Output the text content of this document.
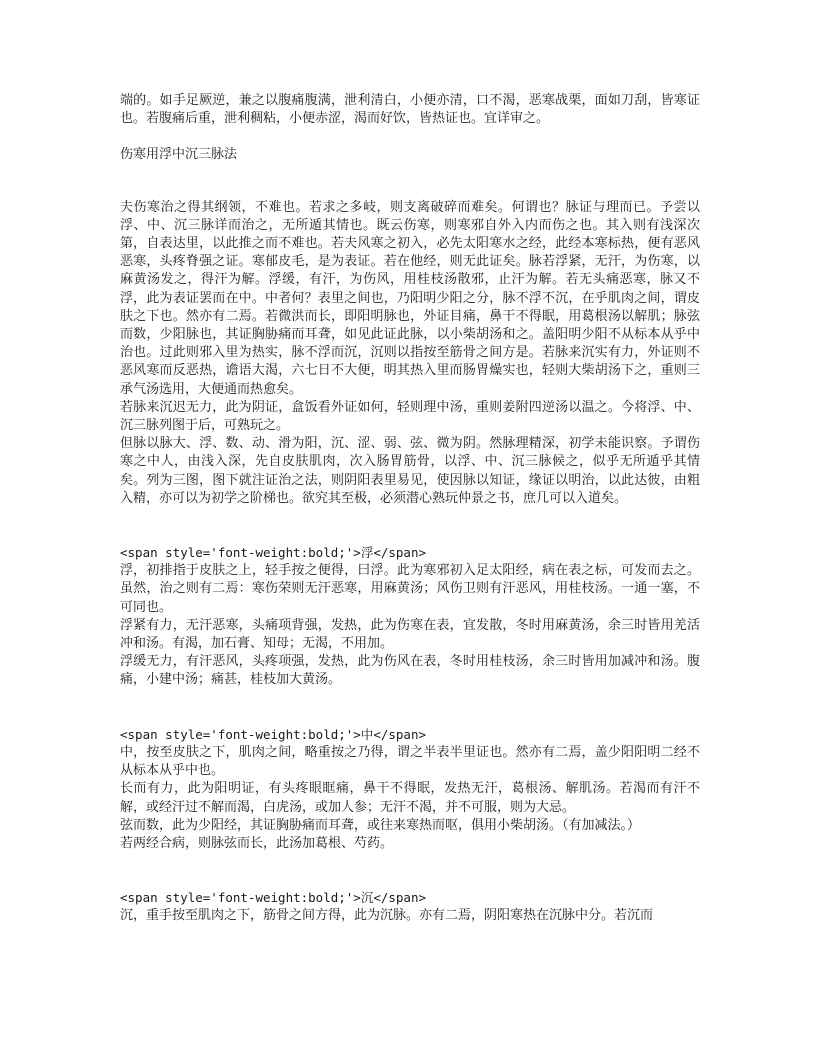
端的。如手足厥逆，兼之以腹痛腹满，泄利清白，小便亦清，口不渴，恶寒战栗，面如刀刮，皆寒证也。若腹痛后重，泄利稠粘，小便赤涩，渴而好饮，皆热证也。宜详审之。

伤寒用浮中沉三脉法

夫伤寒治之得其纲领，不难也。若求之多岐，则支离破碎而难矣。何谓也？脉证与理而已。予尝以浮、中、沉三脉详而治之，无所遁其情也。既云伤寒，则寒邪自外入内而伤之也。其入则有浅深次第，自表达里，以此推之而不难也。若夫风寒之初入，必先太阳寒水之经，此经本寒标热，便有恶风恶寒，头疼脊强之证。寒郁皮毛，是为表证。若在他经，则无此证矣。脉若浮紧，无汗，为伤寒，以麻黄汤发之，得汗为解。浮缓，有汗，为伤风，用桂枝汤散邪，止汗为解。若无头痛恶寒，脉又不浮，此为表证罢而在中。中者何？表里之间也，乃阳明少阳之分，脉不浮不沉，在乎肌肉之间，谓皮肤之下也。然亦有二焉。若微洪而长，即阳明脉也，外证目痛，鼻干不得眠，用葛根汤以解肌；脉弦而数，少阳脉也，其证胸胁痛而耳聋，如见此证此脉，以小柴胡汤和之。盖阳明少阳不从标本从乎中治也。过此则邪入里为热实，脉不浮而沉，沉则以指按至筋骨之间方是。若脉来沉实有力，外证则不恶风寒而反恶热，谵语大渴，六七日不大便，明其热入里而肠胃燥实也，轻则大柴胡汤下之，重则三承气汤选用，大便通而热愈矣。

若脉来沉迟无力，此为阴证，盒饭看外证如何，轻则理中汤，重则姜附四逆汤以温之。今将浮、中、沉三脉列图于后，可熟玩之。

但脉以脉大、浮、数、动、滑为阳，沉、涩、弱、弦、微为阴。然脉理精深，初学未能识察。予谓伤寒之中人，由浅入深，先自皮肤肌肉，次入肠胃筋骨，以浮、中、沉三脉候之，似乎无所遁乎其情矣。列为三图，图下就注证治之法，则阴阳表里易见，使因脉以知证，缘证以明治，以此达彼，由粗入精，亦可以为初学之阶梯也。欲究其至极，必须潜心熟玩仲景之书，庶几可以入道矣。

<span style='font-weight:bold;'>浮</span>

浮，初排指于皮肤之上，轻手按之便得，曰浮。此为寒邪初入足太阳经，病在表之标，可发而去之。虽然，治之则有二焉：寒伤荣则无汗恶寒，用麻黄汤；风伤卫则有汗恶风，用桂枝汤。一通一塞，不可同也。

浮紧有力，无汗恶寒，头痛项背强，发热，此为伤寒在表，宜发散，冬时用麻黄汤，余三时皆用羌活冲和汤。有渴，加石膏、知母；无渴，不用加。

浮缓无力，有汗恶风，头疼项强，发热，此为伤风在表，冬时用桂枝汤，余三时皆用加减冲和汤。腹痛，小建中汤；痛甚，桂枝加大黄汤。

<span style='font-weight:bold;'>中</span>

中，按至皮肤之下，肌肉之间，略重按之乃得，谓之半表半里证也。然亦有二焉，盖少阳阳明二经不从标本从乎中也。

长而有力，此为阳明证，有头疼眼眶痛，鼻干不得眠，发热无汗，葛根汤、解肌汤。若渴而有汗不解，或经汗过不解而渴，白虎汤，或加人参；无汗不渴，并不可服，则为大忌。

弦而数，此为少阳经，其证胸胁痛而耳聋，或往来寒热而呕，俱用小柴胡汤。（有加减法。）

若两经合病，则脉弦而长，此汤加葛根、芍药。

<span style='font-weight:bold;'>沉</span>

沉，重手按至肌肉之下，筋骨之间方得，此为沉脉。亦有二焉，阴阳寒热在沉脉中分。若沉而
